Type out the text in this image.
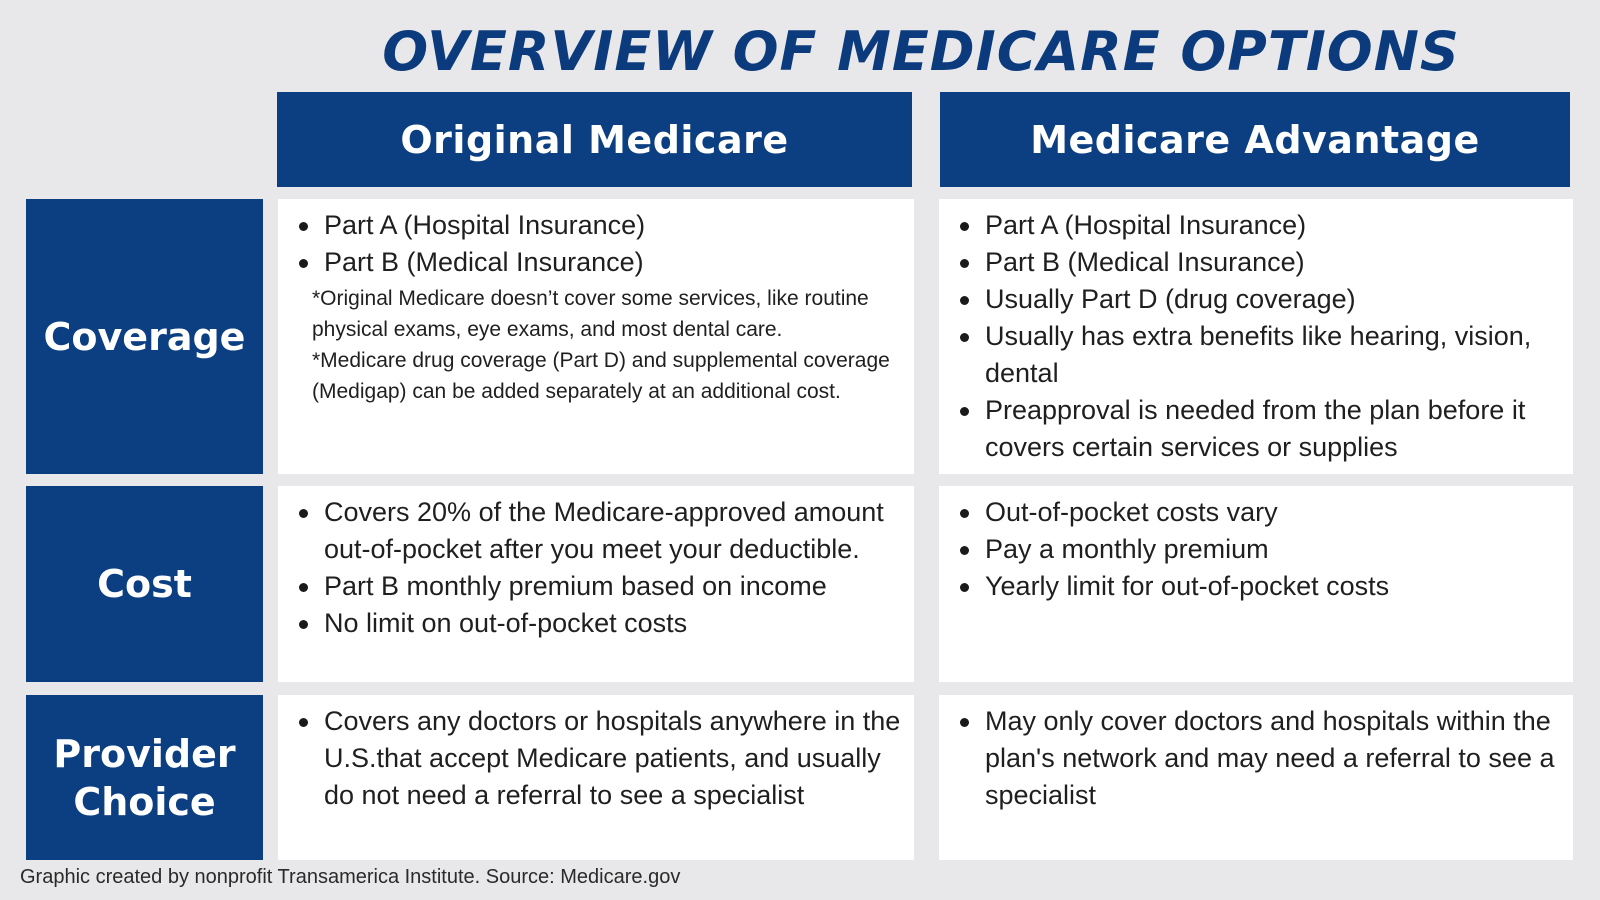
OVERVIEW OF MEDICARE OPTIONS
Original Medicare	Medicare Advantage
Coverage
Cost
Provider
Choice
Part A (Hospital Insurance)
Part B (Medical Insurance)

*Original Medicare doesn’t cover some services, like routine physical exams, eye exams, and most dental care.

*Medicare drug coverage (Part D) and supplemental coverage (Medigap) can be added separately at an additional cost.

Part A (Hospital Insurance)
Part B (Medical Insurance)
Usually Part D (drug coverage)
Usually has extra benefits like hearing, vision, dental
Preapproval is needed from the plan before it covers certain services or supplies
Covers 20% of the Medicare-approved amount out-of-pocket after you meet your deductible.
Part B monthly premium based on income
No limit on out-of-pocket costs
Out-of-pocket costs vary
Pay a monthly premium
Yearly limit for out-of-pocket costs
Covers any doctors or hospitals anywhere in the U.S.that accept Medicare patients, and usually do not need a referral to see a specialist
May only cover doctors and hospitals within the plan's network and may need a referral to see a specialist
Graphic created by nonprofit Transamerica Institute. Source: Medicare.gov
